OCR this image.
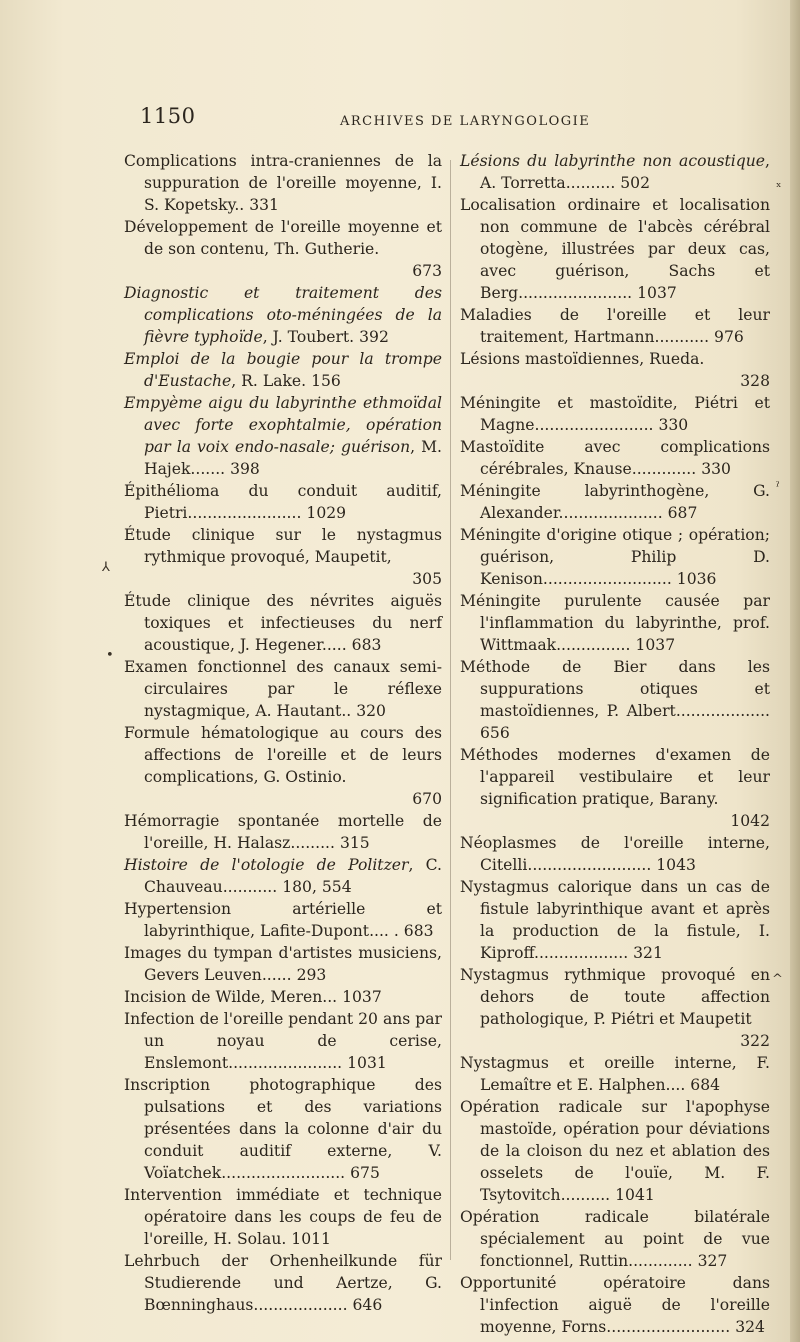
1150	ARCHIVES DE LARYNGOLOGIE

Complications intra-craniennes de la suppuration de l'oreille moyenne, I. S. Kopetsky.. 331

Développement de l'oreille moyenne et de son contenu, Th. Gutherie.
673

Diagnostic et traitement des complications oto-méningées de la fièvre typhoïde, J. Toubert. 392

Emploi de la bougie pour la trompe d'Eustache, R. Lake. 156

Empyème aigu du labyrinthe ethmoïdal avec forte exophtalmie, opération par la voix endo-nasale; guérison, M. Hajek....... 398

Épithélioma du conduit auditif, Pietri....................... 1029

Étude clinique sur le nystagmus rythmique provoqué, Maupetit,
305

Étude clinique des névrites aiguës toxiques et infectieuses du nerf acoustique, J. Hegener..... 683

Examen fonctionnel des canaux semi-circulaires par le réflexe nystagmique, A. Hautant.. 320

Formule hématologique au cours des affections de l'oreille et de leurs complications, G. Ostinio.
670

Hémorragie spontanée mortelle de l'oreille, H. Halasz......... 315

Histoire de l'otologie de Politzer, C. Chauveau........... 180, 554

Hypertension artérielle et labyrinthique, Lafite-Dupont.... . 683

Images du tympan d'artistes musiciens, Gevers Leuven...... 293

Incision de Wilde, Meren... 1037

Infection de l'oreille pendant 20 ans par un noyau de cerise, Enslemont....................... 1031

Inscription photographique des pulsations et des variations présentées dans la colonne d'air du conduit auditif externe, V. Voïatchek......................... 675

Intervention immédiate et technique opératoire dans les coups de feu de l'oreille, H. Solau. 1011

Lehrbuch der Orhenheilkunde für Studierende und Aertze, G. Bœnninghaus................... 646

Lésions du labyrinthe non acoustique, A. Torretta.......... 502

Localisation ordinaire et localisation non commune de l'abcès cérébral otogène, illustrées par deux cas, avec guérison, Sachs et Berg....................... 1037

Maladies de l'oreille et leur traitement, Hartmann........... 976

Lésions mastoïdiennes, Rueda.
328

Méningite et mastoïdite, Piétri et Magne........................ 330

Mastoïdite avec complications cérébrales, Knause............. 330

Méningite labyrinthogène, G. Alexander..................... 687

Méningite d'origine otique ; opération; guérison, Philip D. Kenison.......................... 1036

Méningite purulente causée par l'inflammation du labyrinthe, prof. Wittmaak............... 1037

Méthode de Bier dans les suppurations otiques et mastoïdiennes, P. Albert................... 656

Méthodes modernes d'examen de l'appareil vestibulaire et leur signification pratique, Barany.
1042

Néoplasmes de l'oreille interne, Citelli......................... 1043

Nystagmus calorique dans un cas de fistule labyrinthique avant et après la production de la fistule, I. Kiproff................... 321

Nystagmus rythmique provoqué en dehors de toute affection pathologique, P. Piétri et Maupetit
322

Nystagmus et oreille interne, F. Lemaître et E. Halphen.... 684

Opération radicale sur l'apophyse mastoïde, opération pour déviations de la cloison du nez et ablation des osselets de l'ouïe, M. F. Tsytovitch.......... 1041

Opération radicale bilatérale spécialement au point de vue fonctionnel, Ruttin............. 327

Opportunité opératoire dans l'infection aiguë de l'oreille moyenne, Forns......................... 324

⅄
•
ˣ
ˀ
^
